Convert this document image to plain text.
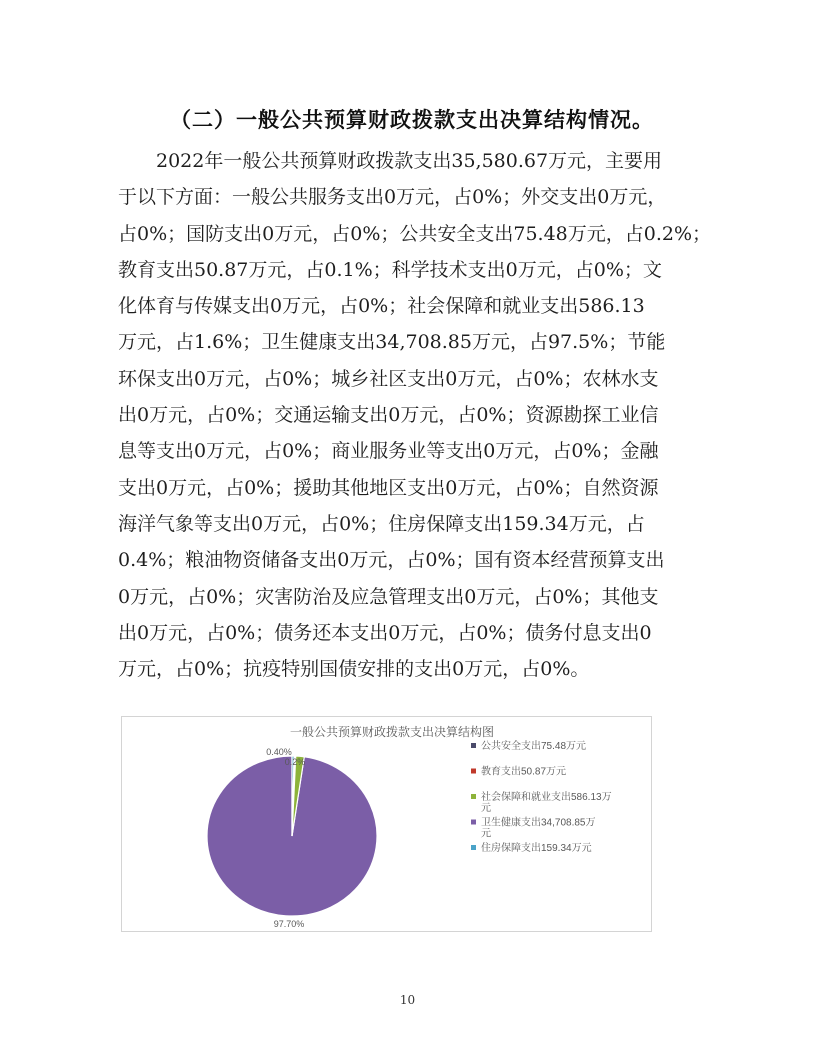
（二）一般公共预算财政拨款支出决算结构情况。
2022年一般公共预算财政拨款支出35,580.67万元，主要用
于以下方面：一般公共服务支出0万元，占0%；外交支出0万元，
占0%；国防支出0万元，占0%；公共安全支出75.48万元，占0.2%；
教育支出50.87万元，占0.1%；科学技术支出0万元，占0%；文
化体育与传媒支出0万元，占0%；社会保障和就业支出586.13
万元，占1.6%；卫生健康支出34,708.85万元，占97.5%；节能
环保支出0万元，占0%；城乡社区支出0万元，占0%；农林水支
出0万元，占0%；交通运输支出0万元，占0%；资源勘探工业信
息等支出0万元，占0%；商业服务业等支出0万元，占0%；金融
支出0万元，占0%；援助其他地区支出0万元，占0%；自然资源
海洋气象等支出0万元，占0%；住房保障支出159.34万元，占
0.4%；粮油物资储备支出0万元，占0%；国有资本经营预算支出
0万元，占0%；灾害防治及应急管理支出0万元，占0%；其他支
出0万元，占0%；债务还本支出0万元，占0%；债务付息支出0
万元，占0%；抗疫特别国债安排的支出0万元，占0%。
一般公共预算财政拨款支出决算结构图
0.40%
0.2%
97.70%
公共安全支出75.48万元
教育支出50.87万元
社会保障和就业支出586.13万元
卫生健康支出34,708.85万元
住房保障支出159.34万元
10
